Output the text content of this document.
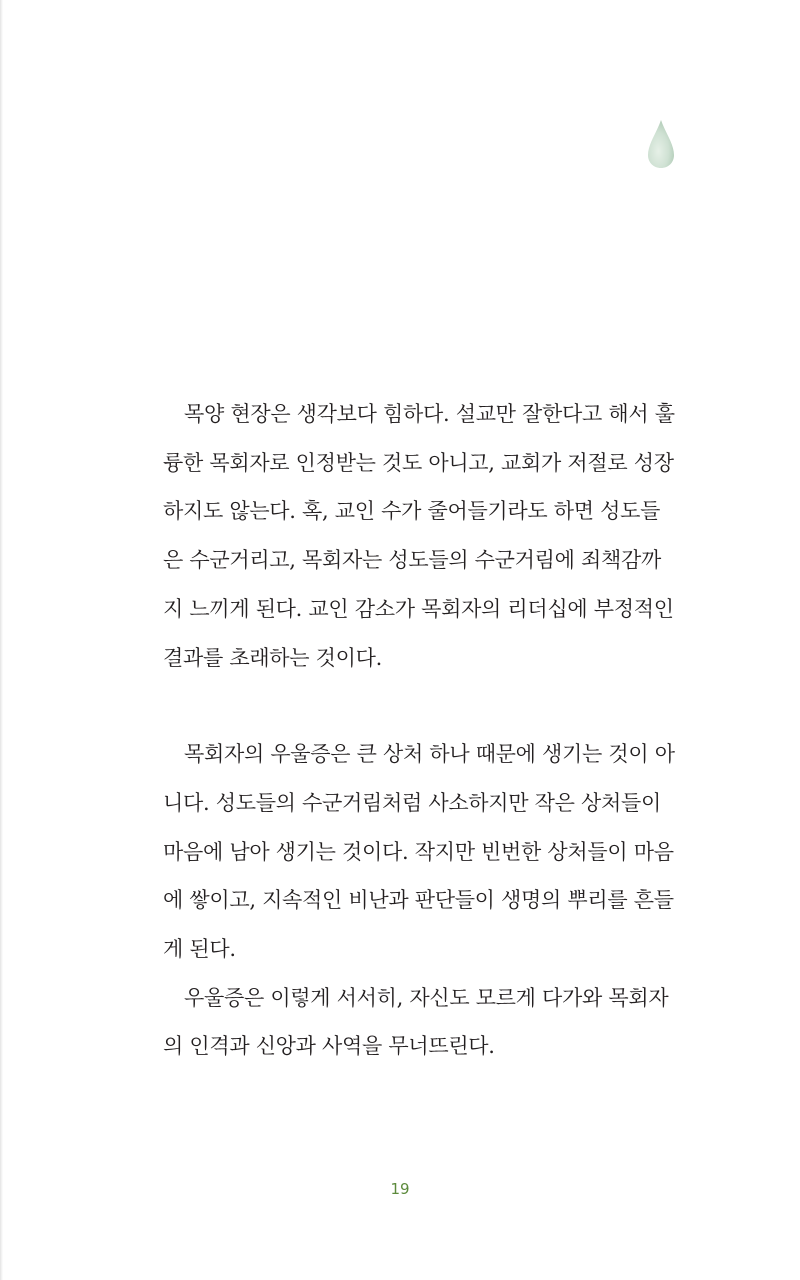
목양 현장은 생각보다 힘하다. 설교만 잘한다고 해서 훌
륭한 목회자로 인정받는 것도 아니고, 교회가 저절로 성장
하지도 않는다. 혹, 교인 수가 줄어들기라도 하면 성도들
은 수군거리고, 목회자는 성도들의 수군거림에 죄책감까
지 느끼게 된다. 교인 감소가 목회자의 리더십에 부정적인
결과를 초래하는 것이다.

목회자의 우울증은 큰 상처 하나 때문에 생기는 것이 아
니다. 성도들의 수군거림처럼 사소하지만 작은 상처들이
마음에 남아 생기는 것이다. 작지만 빈번한 상처들이 마음
에 쌓이고, 지속적인 비난과 판단들이 생명의 뿌리를 흔들
게 된다.

우울증은 이렇게 서서히, 자신도 모르게 다가와 목회자
의 인격과 신앙과 사역을 무너뜨린다.

19
